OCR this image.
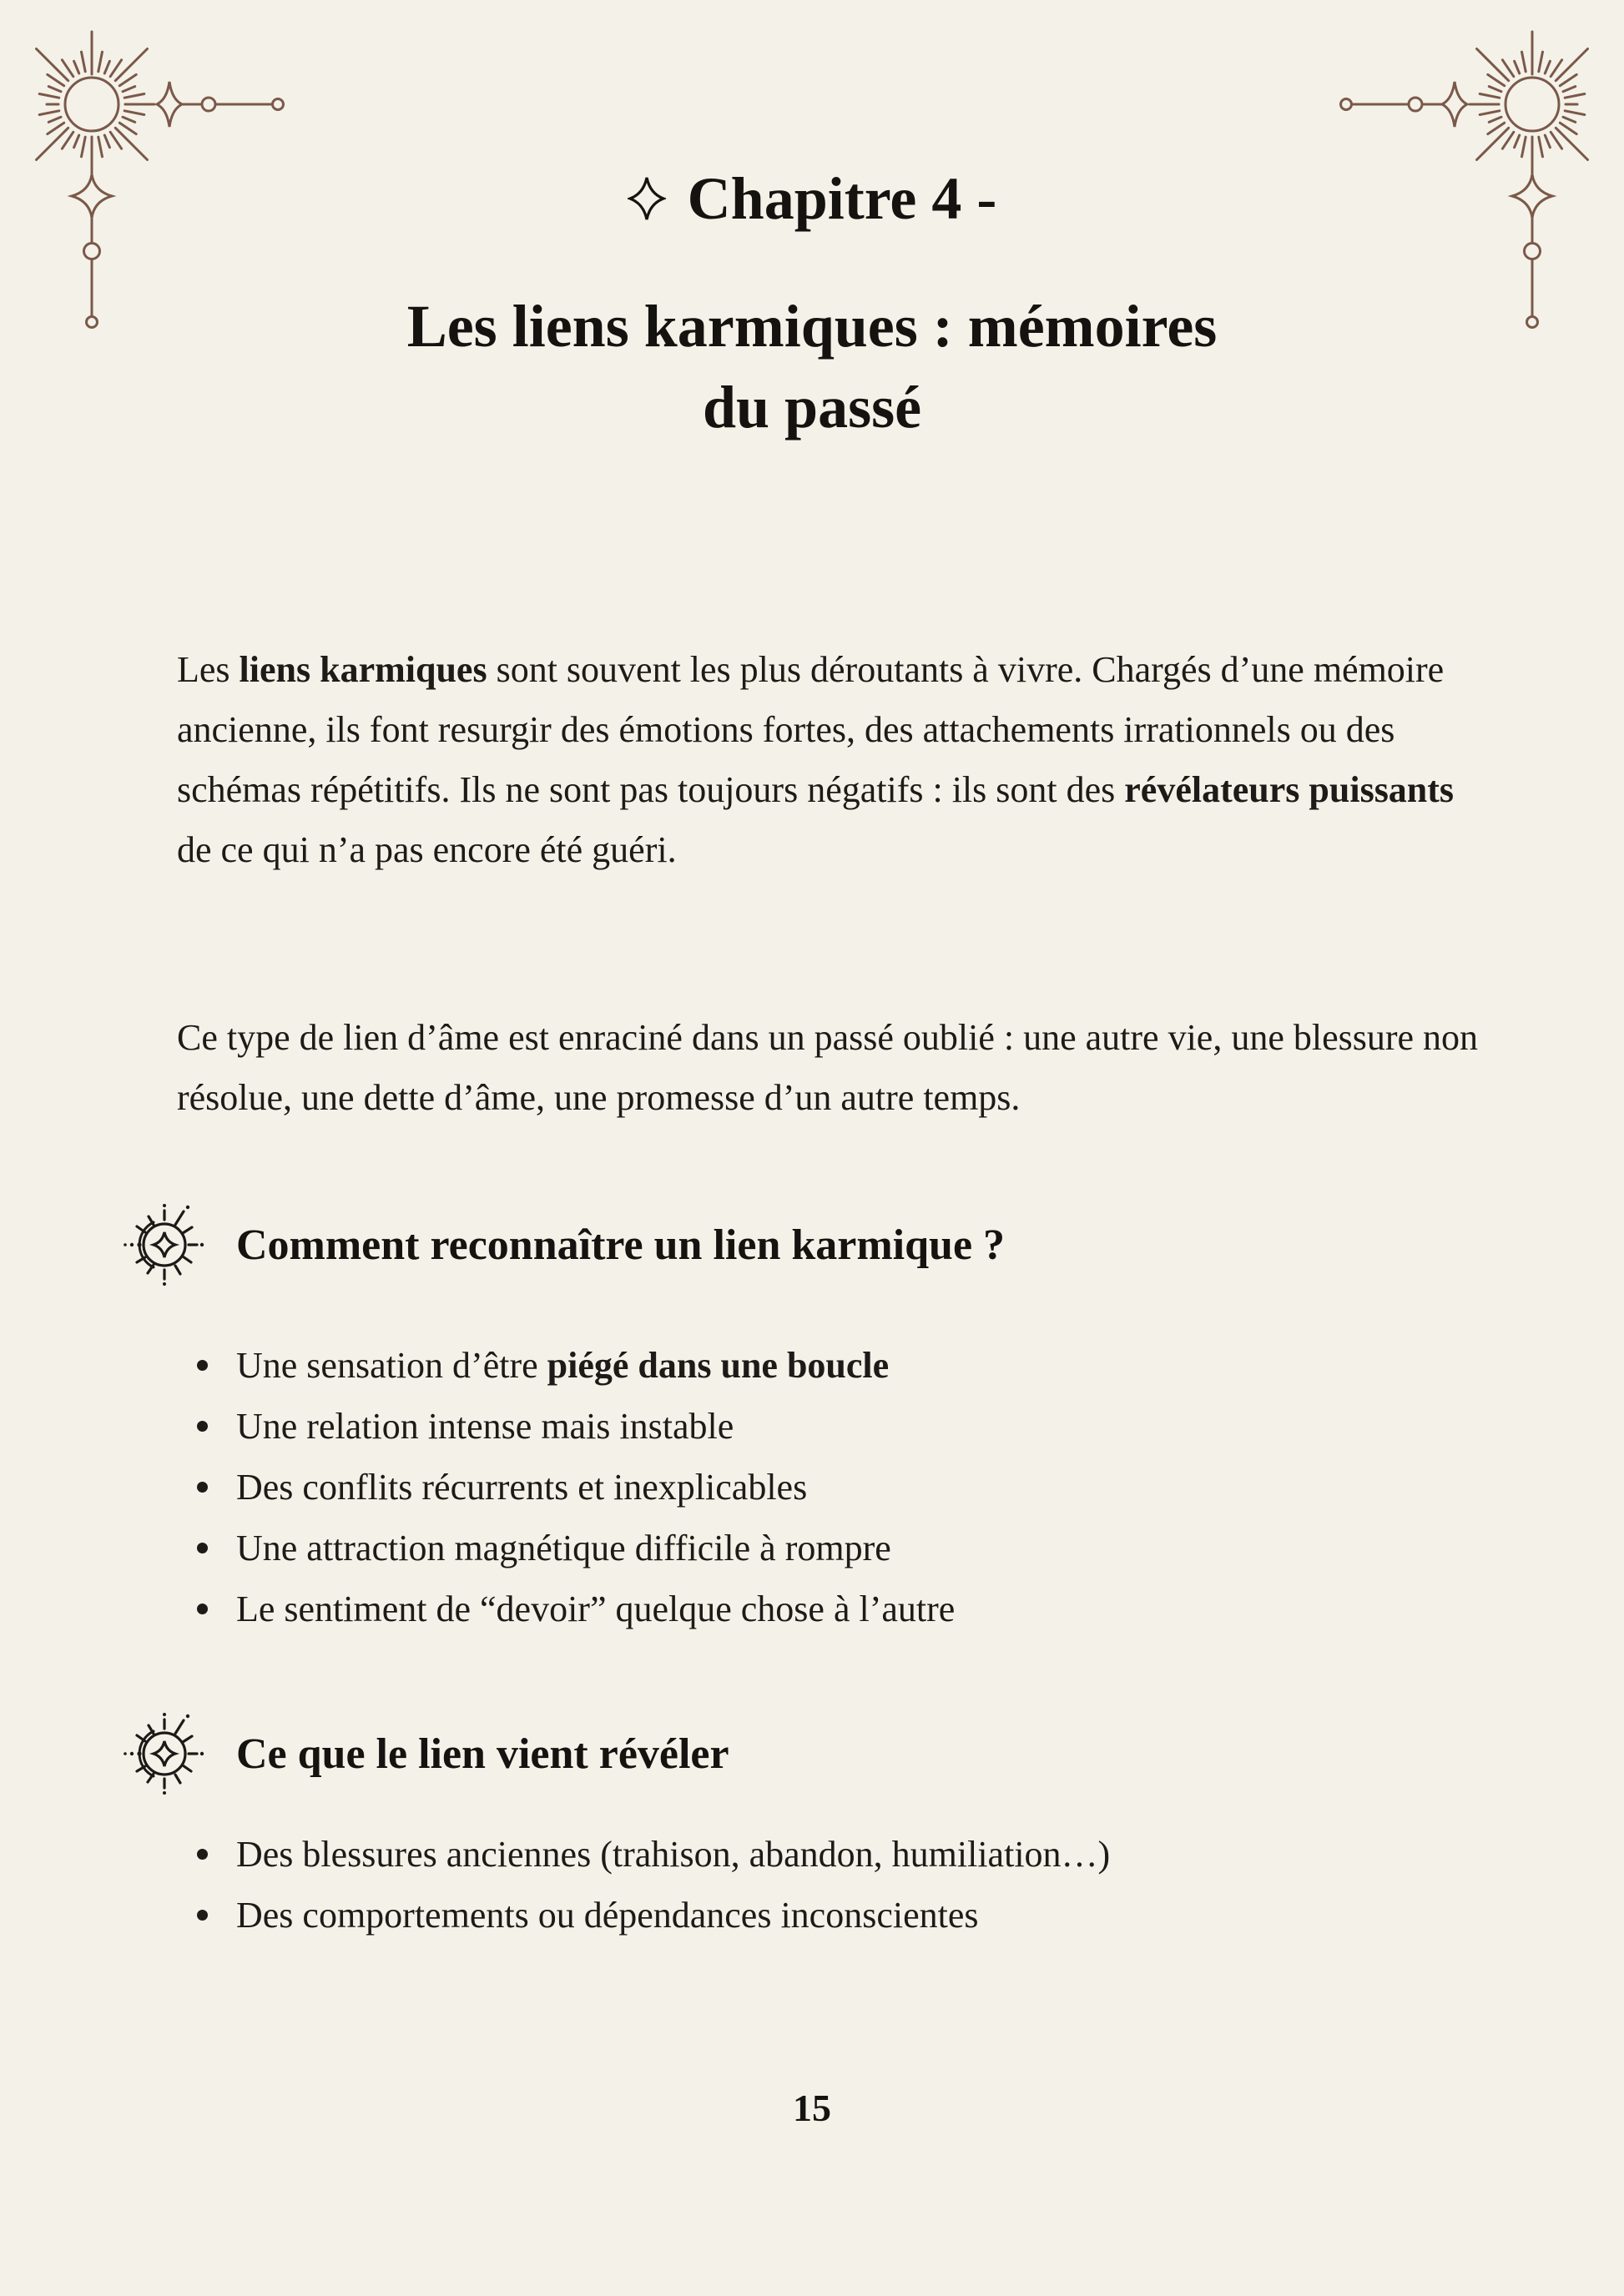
Chapitre 4 -
Les liens karmiques : mémoires
du passé

Les liens karmiques sont souvent les plus déroutants à vivre. Chargés d’une mémoire ancienne, ils font resurgir des émotions fortes, des attachements irrationnels ou des schémas répétitifs. Ils ne sont pas toujours négatifs : ils sont des révélateurs puissants de ce qui n’a pas encore été guéri.

Ce type de lien d’âme est enraciné dans un passé oublié : une autre vie, une blessure non résolue, une dette d’âme, une promesse d’un autre temps.

Comment reconnaître un lien karmique ?
Une sensation d’être piégé dans une boucle
Une relation intense mais instable
Des conflits récurrents et inexplicables
Une attraction magnétique difficile à rompre
Le sentiment de “devoir” quelque chose à l’autre
Ce que le lien vient révéler
Des blessures anciennes (trahison, abandon, humiliation…)
Des comportements ou dépendances inconscientes
15
